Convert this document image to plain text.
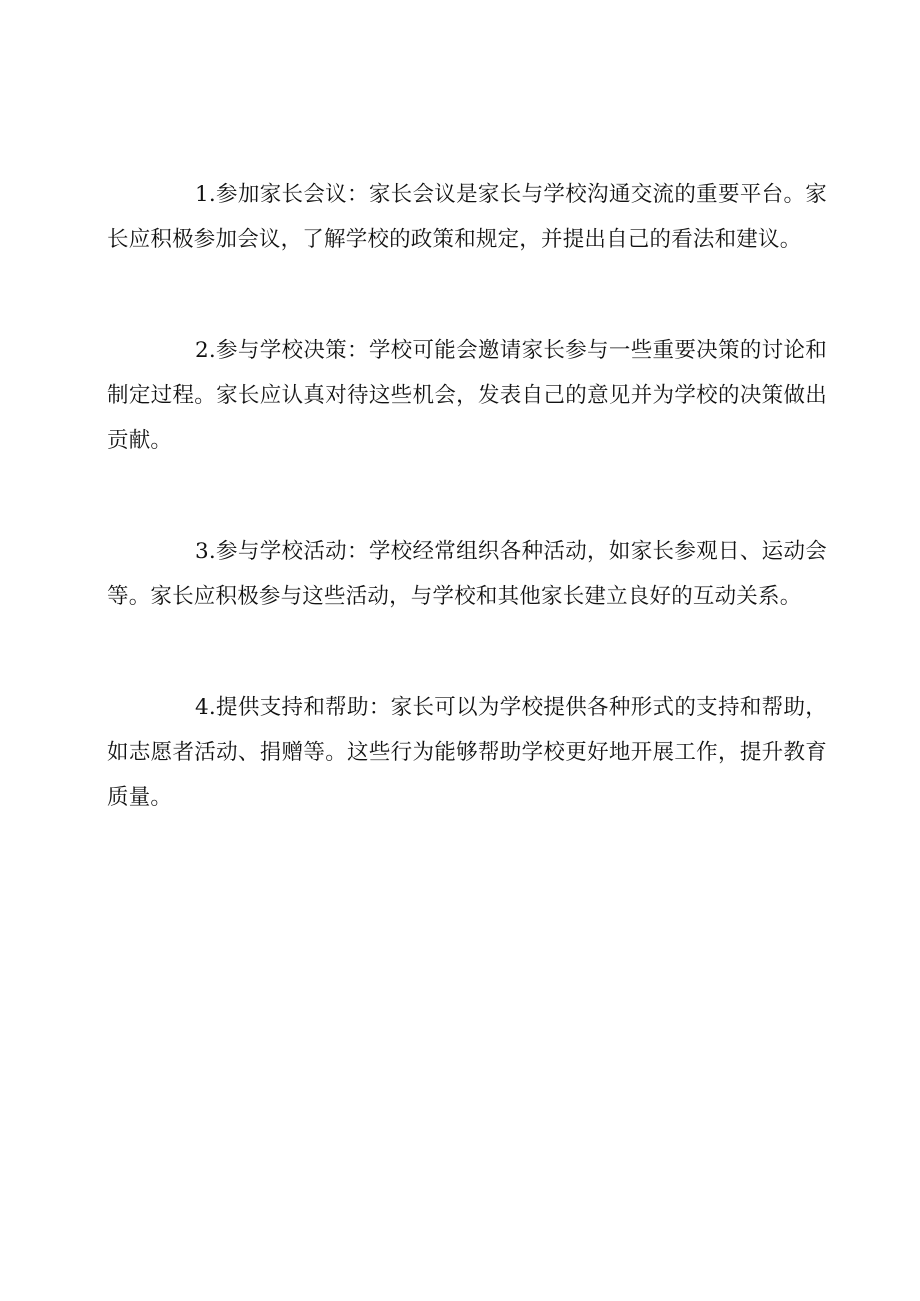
1.参加家长会议：家长会议是家长与学校沟通交流的重要平台。家长应积极参加会议，了解学校的政策和规定，并提出自己的看法和建议。

2.参与学校决策：学校可能会邀请家长参与一些重要决策的讨论和制定过程。家长应认真对待这些机会，发表自己的意见并为学校的决策做出贡献。

3.参与学校活动：学校经常组织各种活动，如家长参观日、运动会等。家长应积极参与这些活动，与学校和其他家长建立良好的互动关系。

4.提供支持和帮助：家长可以为学校提供各种形式的支持和帮助，如志愿者活动、捐赠等。这些行为能够帮助学校更好地开展工作，提升教育质量。
